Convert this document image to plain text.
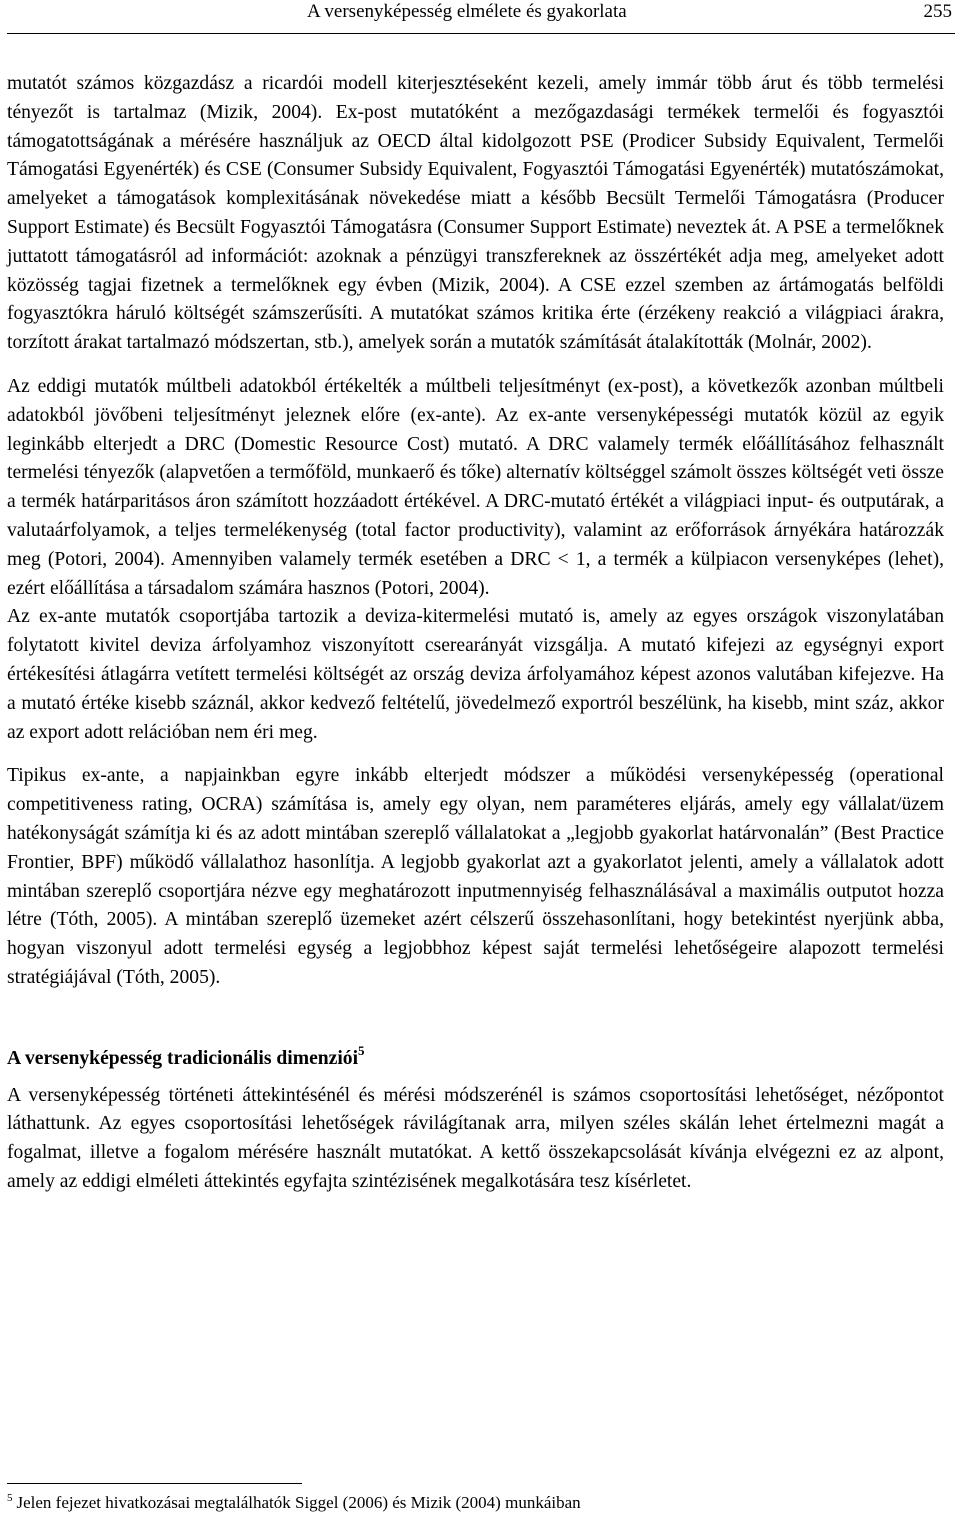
A versenyképesség elmélete és gyakorlata	255

mutatót számos közgazdász a ricardói modell kiterjesztéseként kezeli, amely immár több árut és több termelési tényezőt is tartalmaz (Mizik, 2004). Ex-post mutatóként a mezőgazdasági termékek termelői és fogyasztói támogatottságának a mérésére használjuk az OECD által kidolgozott PSE (Prodicer Subsidy Equivalent, Termelői Támogatási Egyenérték) és CSE (Consumer Subsidy Equivalent, Fogyasztói Támogatási Egyenérték) mutatószámokat, amelyeket a támogatások komplexitásának növekedése miatt a később Becsült Termelői Támogatásra (Producer Support Estimate) és Becsült Fogyasztói Támogatásra (Consumer Support Estimate) neveztek át. A PSE a termelőknek juttatott támogatásról ad információt: azoknak a pénzügyi transzfereknek az összértékét adja meg, amelyeket adott közösség tagjai fizetnek a termelőknek egy évben (Mizik, 2004). A CSE ezzel szemben az ártámogatás belföldi fogyasztókra háruló költségét számszerűsíti. A mutatókat számos kritika érte (érzékeny reakció a világpiaci árakra, torzított árakat tartalmazó módszertan, stb.), amelyek során a mutatók számítását átalakították (Molnár, 2002).

Az eddigi mutatók múltbeli adatokból értékelték a múltbeli teljesítményt (ex-post), a következők azonban múltbeli adatokból jövőbeni teljesítményt jeleznek előre (ex-ante). Az ex-ante versenyképességi mutatók közül az egyik leginkább elterjedt a DRC (Domestic Resource Cost) mutató. A DRC valamely termék előállításához felhasznált termelési tényezők (alapvetően a termőföld, munkaerő és tőke) alternatív költséggel számolt összes költségét veti össze a termék határparitásos áron számított hozzáadott értékével. A DRC-mutató értékét a világpiaci input- és outputárak, a valutaárfolyamok, a teljes termelékenység (total factor productivity), valamint az erőforrások árnyékára határozzák meg (Potori, 2004). Amennyiben valamely termék esetében a DRC < 1, a termék a külpiacon versenyképes (lehet), ezért előállítása a társadalom számára hasznos (Potori, 2004).

Az ex-ante mutatók csoportjába tartozik a deviza-kitermelési mutató is, amely az egyes országok viszonylatában folytatott kivitel deviza árfolyamhoz viszonyított cserearányát vizsgálja. A mutató kifejezi az egységnyi export értékesítési átlagárra vetített termelési költségét az ország deviza árfolyamához képest azonos valutában kifejezve. Ha a mutató értéke kisebb száznál, akkor kedvező feltételű, jövedelmező exportról beszélünk, ha kisebb, mint száz, akkor az export adott relációban nem éri meg.

Tipikus ex-ante, a napjainkban egyre inkább elterjedt módszer a működési versenyképesség (operational competitiveness rating, OCRA) számítása is, amely egy olyan, nem paraméteres eljárás, amely egy vállalat/üzem hatékonyságát számítja ki és az adott mintában szereplő vállalatokat a „legjobb gyakorlat határvonalán” (Best Practice Frontier, BPF) működő vállalathoz hasonlítja. A legjobb gyakorlat azt a gyakorlatot jelenti, amely a vállalatok adott mintában szereplő csoportjára nézve egy meghatározott inputmennyiség felhasználásával a maximális outputot hozza létre (Tóth, 2005). A mintában szereplő üzemeket azért célszerű összehasonlítani, hogy betekintést nyerjünk abba, hogyan viszonyul adott termelési egység a legjobbhoz képest saját termelési lehetőségeire alapozott termelési stratégiájával (Tóth, 2005).

A versenyképesség tradicionális dimenziói$^5$

A versenyképesség történeti áttekintésénél és mérési módszerénél is számos csoportosítási lehetőséget, nézőpontot láthattunk. Az egyes csoportosítási lehetőségek rávilágítanak arra, milyen széles skálán lehet értelmezni magát a fogalmat, illetve a fogalom mérésére használt mutatókat. A kettő összekapcsolását kívánja elvégezni ez az alpont, amely az eddigi elméleti áttekintés egyfajta szintézisének megalkotására tesz kísérletet.

$^5$ Jelen fejezet hivatkozásai megtalálhatók Siggel (2006) és Mizik (2004) munkáiban
